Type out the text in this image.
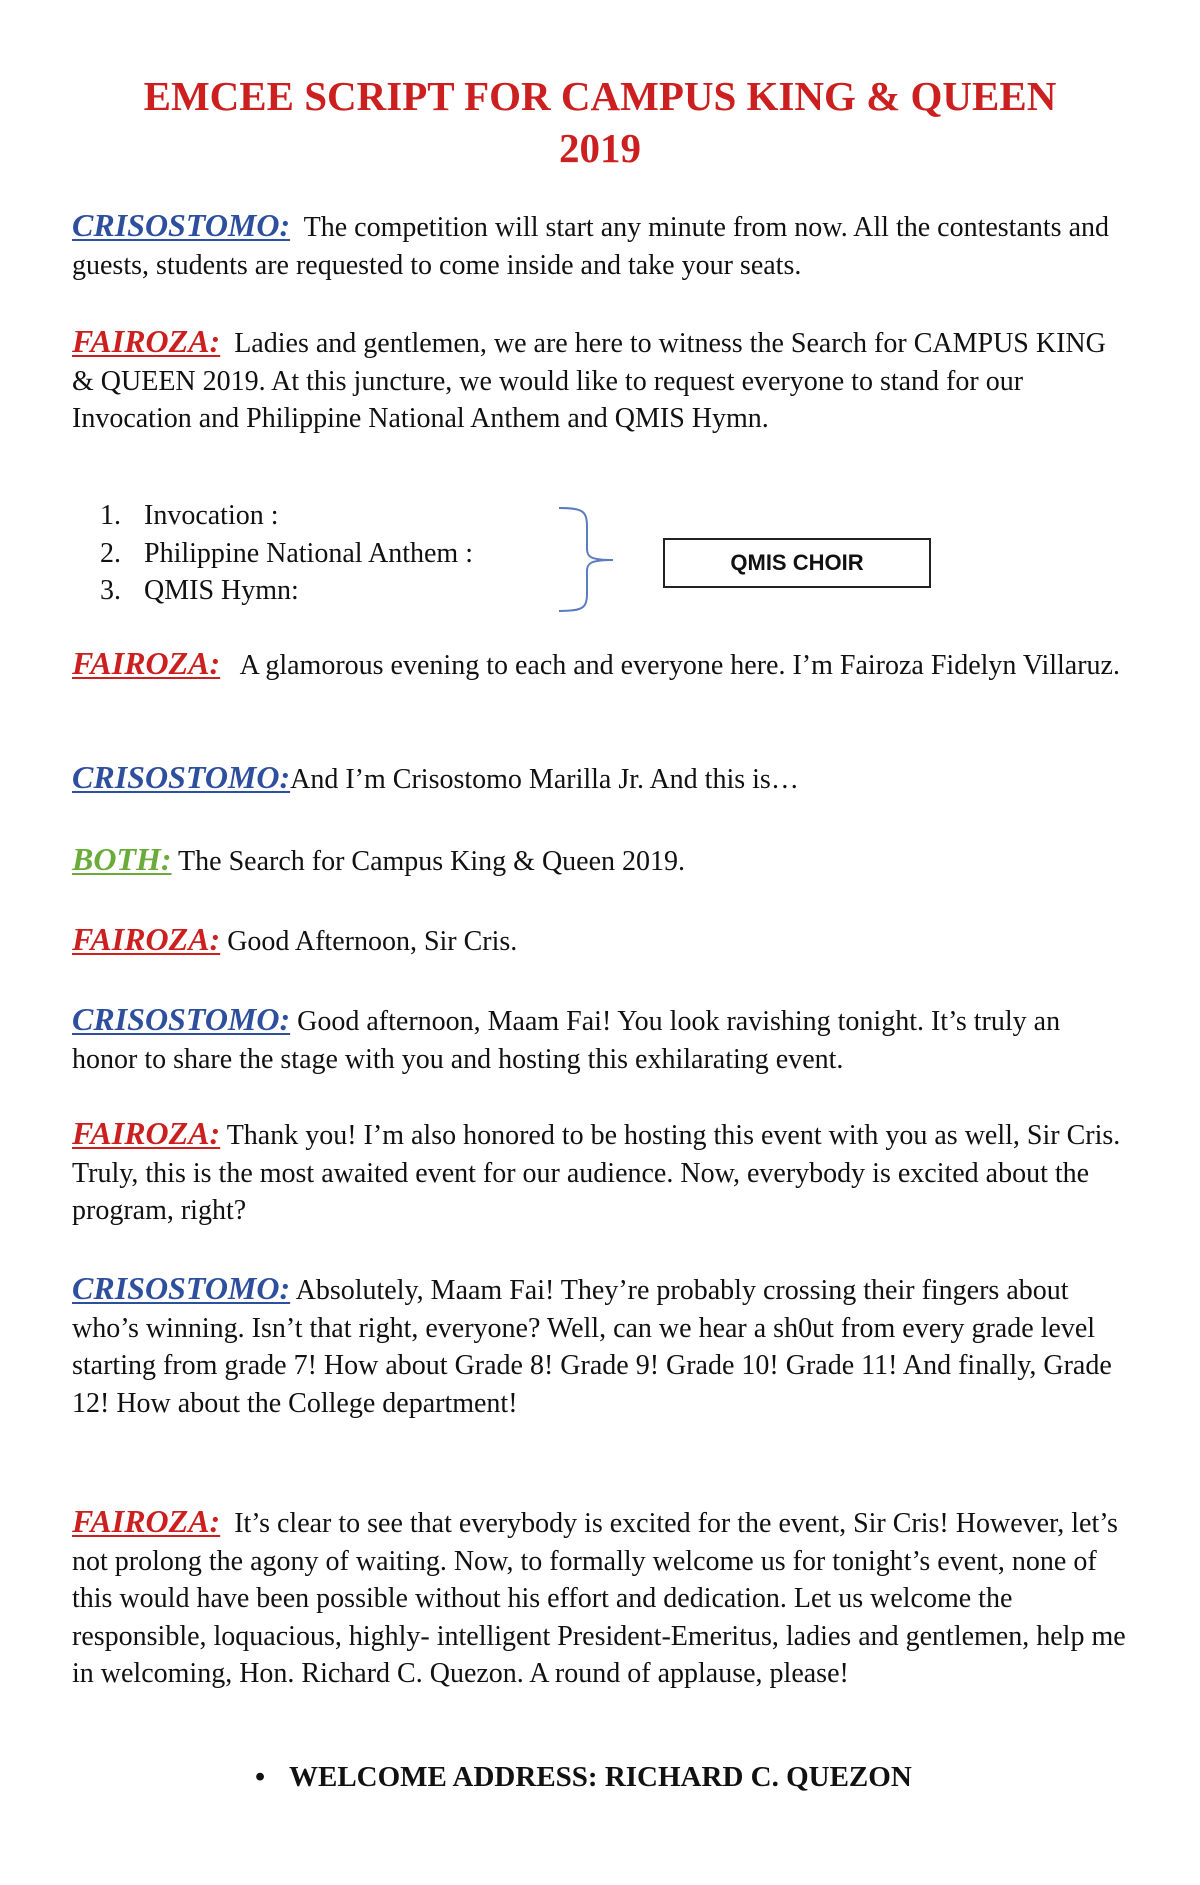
EMCEE SCRIPT FOR CAMPUS KING & QUEEN
2019
CRISOSTOMO: The competition will start any minute from now. All the contestants and guests, students are requested to come inside and take your seats.
FAIROZA: Ladies and gentlemen, we are here to witness the Search for CAMPUS KING & QUEEN 2019. At this juncture, we would like to request everyone to stand for our Invocation and Philippine National Anthem and QMIS Hymn.
1. Invocation :
2. Philippine National Anthem :
3. QMIS Hymn:
QMIS CHOIR
FAIROZA: A glamorous evening to each and everyone here. I’m Fairoza Fidelyn Villaruz.
CRISOSTOMO:And I’m Crisostomo Marilla Jr. And this is…
BOTH: The Search for Campus King & Queen 2019.
FAIROZA: Good Afternoon, Sir Cris.
CRISOSTOMO: Good afternoon, Maam Fai! You look ravishing tonight. It’s truly an honor to share the stage with you and hosting this exhilarating event.
FAIROZA: Thank you! I’m also honored to be hosting this event with you as well, Sir Cris. Truly, this is the most awaited event for our audience. Now, everybody is excited about the program, right?
CRISOSTOMO: Absolutely, Maam Fai! They’re probably crossing their fingers about who’s winning. Isn’t that right, everyone? Well, can we hear a sh0ut from every grade level starting from grade 7! How about Grade 8! Grade 9! Grade 10! Grade 11! And finally, Grade 12! How about the College department!
FAIROZA: It’s clear to see that everybody is excited for the event, Sir Cris! However, let’s not prolong the agony of waiting. Now, to formally welcome us for tonight’s event, none of this would have been possible without his effort and dedication. Let us welcome the responsible, loquacious, highly- intelligent President-Emeritus, ladies and gentlemen, help me in welcoming, Hon. Richard C. Quezon. A round of applause, please!
• WELCOME ADDRESS: RICHARD C. QUEZON
